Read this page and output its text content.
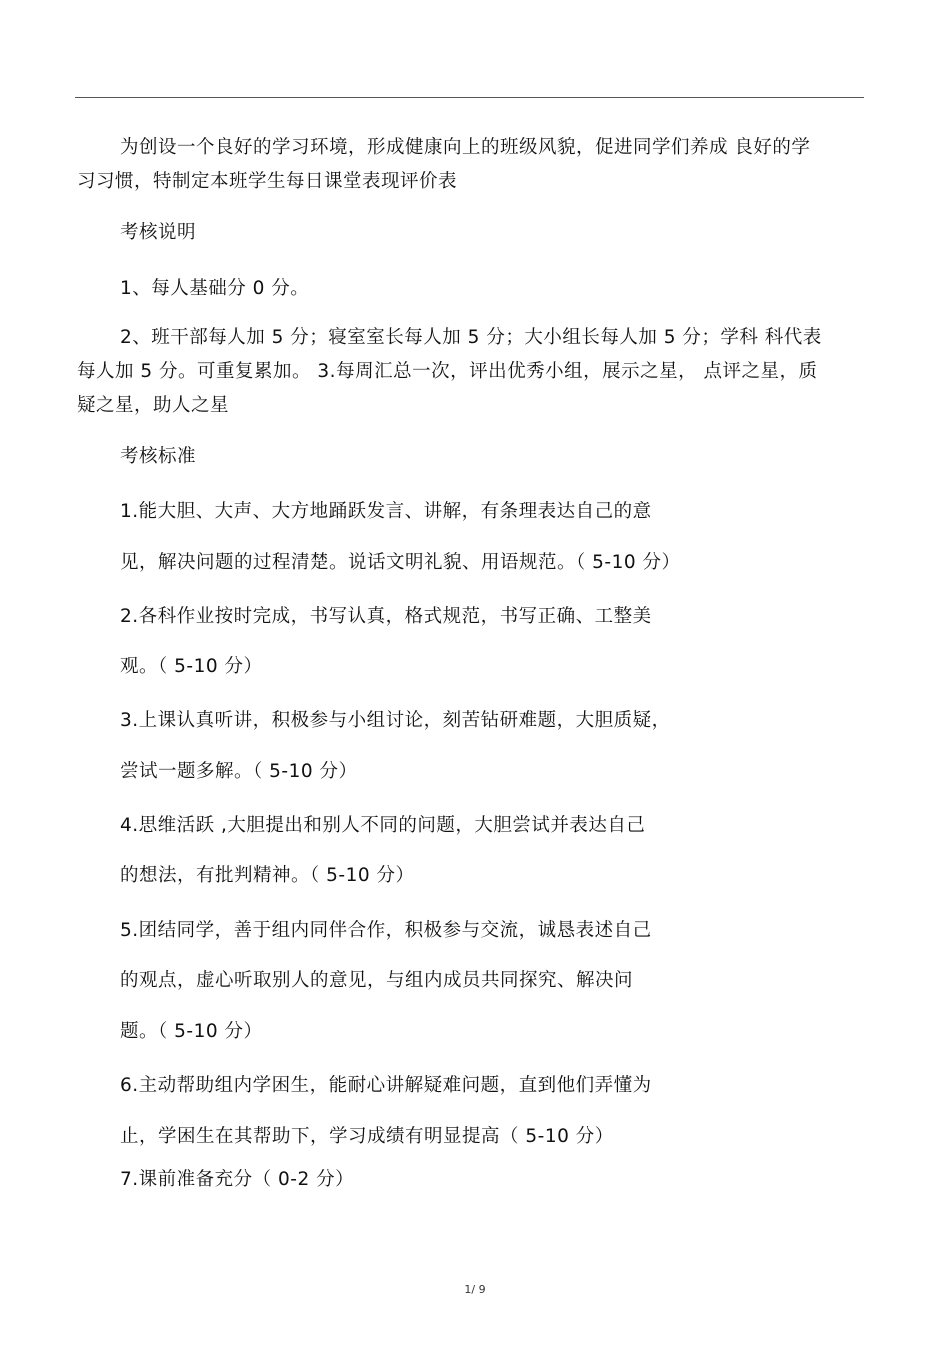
为创设一个良好的学习环境，形成健康向上的班级风貌，促进同学们养成 良好的学

习习惯，特制定本班学生每日课堂表现评价表

考核说明

1、每人基础分 0 分。

2、班干部每人加 5 分；寝室室长每人加 5 分；大小组长每人加 5 分；学科 科代表

每人加 5 分。可重复累加。 3.每周汇总一次，评出优秀小组，展示之星， 点评之星，质

疑之星，助人之星

考核标准

1.能大胆、大声、大方地踊跃发言、讲解，有条理表达自己的意

见，解决问题的过程清楚。说话文明礼貌、用语规范。（ 5-10 分）

2.各科作业按时完成，书写认真，格式规范，书写正确、工整美

观。（ 5-10 分）

3.上课认真听讲，积极参与小组讨论，刻苦钻研难题，大胆质疑，

尝试一题多解。（ 5-10 分）

4.思维活跃 ,大胆提出和别人不同的问题，大胆尝试并表达自己

的想法，有批判精神。（ 5-10 分）

5.团结同学，善于组内同伴合作，积极参与交流，诚恳表述自己

的观点，虚心听取别人的意见，与组内成员共同探究、解决问

题。（ 5-10 分）

6.主动帮助组内学困生，能耐心讲解疑难问题，直到他们弄懂为

止，学困生在其帮助下，学习成绩有明显提高（ 5-10 分）

7.课前准备充分（ 0-2 分）

1/ 9
